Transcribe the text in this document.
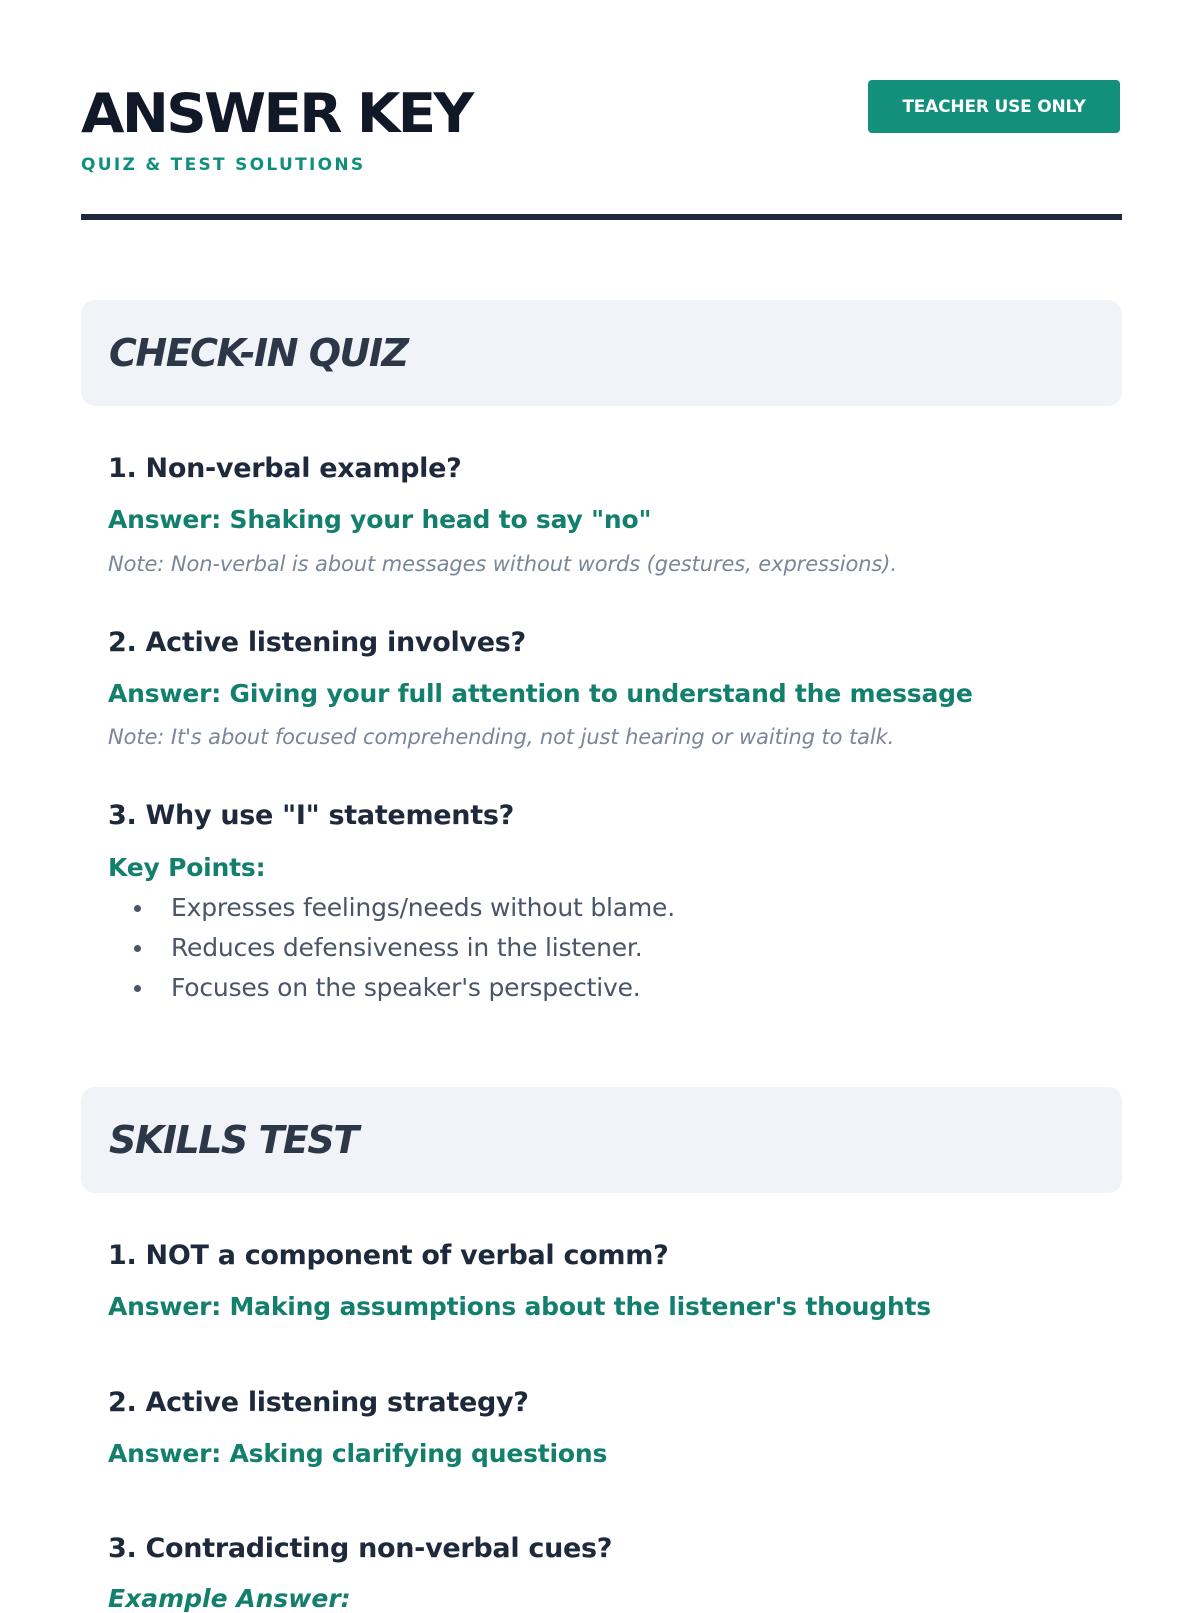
ANSWER KEY
QUIZ & TEST SOLUTIONS
TEACHER USE ONLY
CHECK-IN QUIZ
1. Non-verbal example?
Answer: Shaking your head to say "no"
Note: Non-verbal is about messages without words (gestures, expressions).
2. Active listening involves?
Answer: Giving your full attention to understand the message
Note: It's about focused comprehending, not just hearing or waiting to talk.
3. Why use "I" statements?
Key Points:
Expresses feelings/needs without blame.
Reduces defensiveness in the listener.
Focuses on the speaker's perspective.
SKILLS TEST
1. NOT a component of verbal comm?
Answer: Making assumptions about the listener's thoughts
2. Active listening strategy?
Answer: Asking clarifying questions
3. Contradicting non-verbal cues?
Example Answer:
